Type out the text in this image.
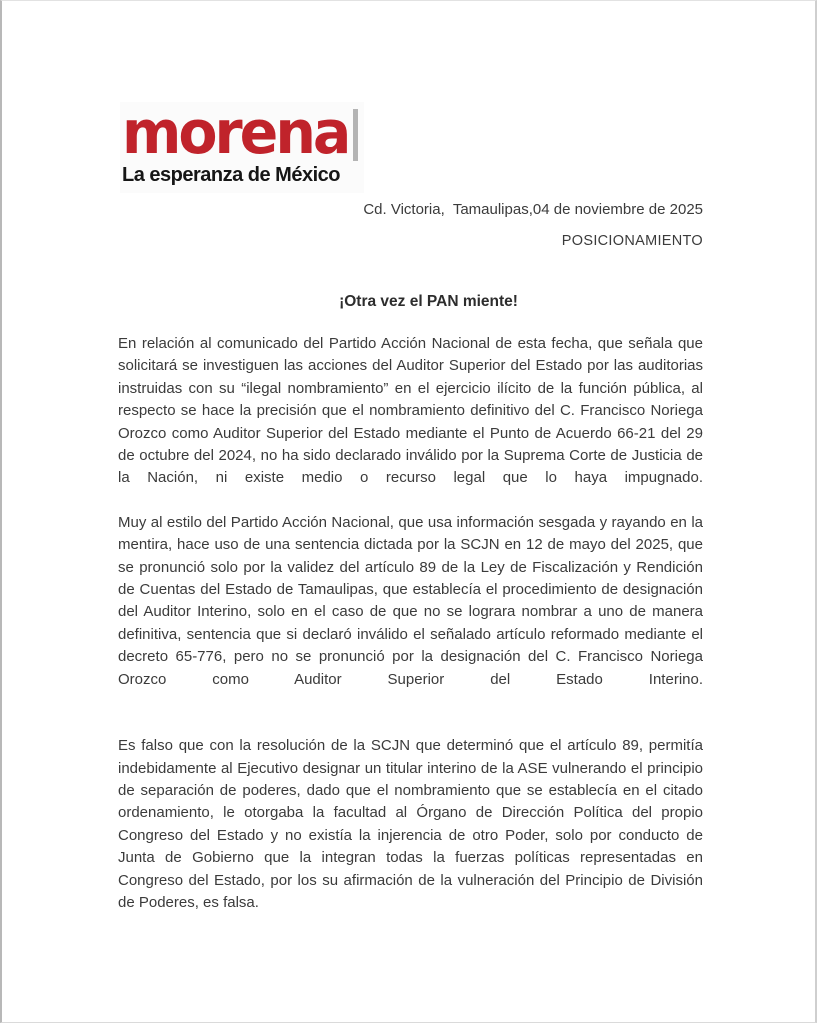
morena
La esperanza de México
Cd. Victoria,  Tamaulipas,04 de noviembre de 2025
POSICIONAMIENTO
¡Otra vez el PAN miente!

En relación al comunicado del Partido Acción Nacional de esta fecha, que señala que solicitará se investiguen las acciones del Auditor Superior del Estado por las auditorias instruidas con su “ilegal nombramiento” en el ejercicio ilícito de la función pública, al respecto se hace la precisión que el nombramiento definitivo del C. Francisco Noriega Orozco como Auditor Superior del Estado mediante el Punto de Acuerdo 66-21 del 29 de octubre del 2024, no ha sido declarado inválido por la Suprema Corte de Justicia de la Nación, ni existe medio o recurso legal que lo haya impugnado.

Muy al estilo del Partido Acción Nacional, que usa información sesgada y rayando en la mentira, hace uso de una sentencia dictada por la SCJN en 12 de mayo del 2025, que se pronunció solo por la validez del artículo 89 de la Ley de Fiscalización y Rendición de Cuentas del Estado de Tamaulipas, que establecía el procedimiento de designación del Auditor Interino, solo en el caso de que no se lograra nombrar a uno de manera definitiva, sentencia que si declaró inválido el señalado artículo reformado mediante el decreto 65-776, pero no se pronunció por la designación del C. Francisco Noriega Orozco como Auditor Superior del Estado Interino.

Es falso que con la resolución de la SCJN que determinó que el artículo 89, permitía indebidamente al Ejecutivo designar un titular interino de la ASE vulnerando el principio de separación de poderes, dado que el nombramiento que se establecía en el citado ordenamiento, le otorgaba la facultad al Órgano de Dirección Política del propio Congreso del Estado y no existía la injerencia de otro Poder, solo por conducto de Junta de Gobierno que la integran todas la fuerzas políticas representadas en Congreso del Estado, por los su afirmación de la vulneración del Principio de División de Poderes, es falsa.
